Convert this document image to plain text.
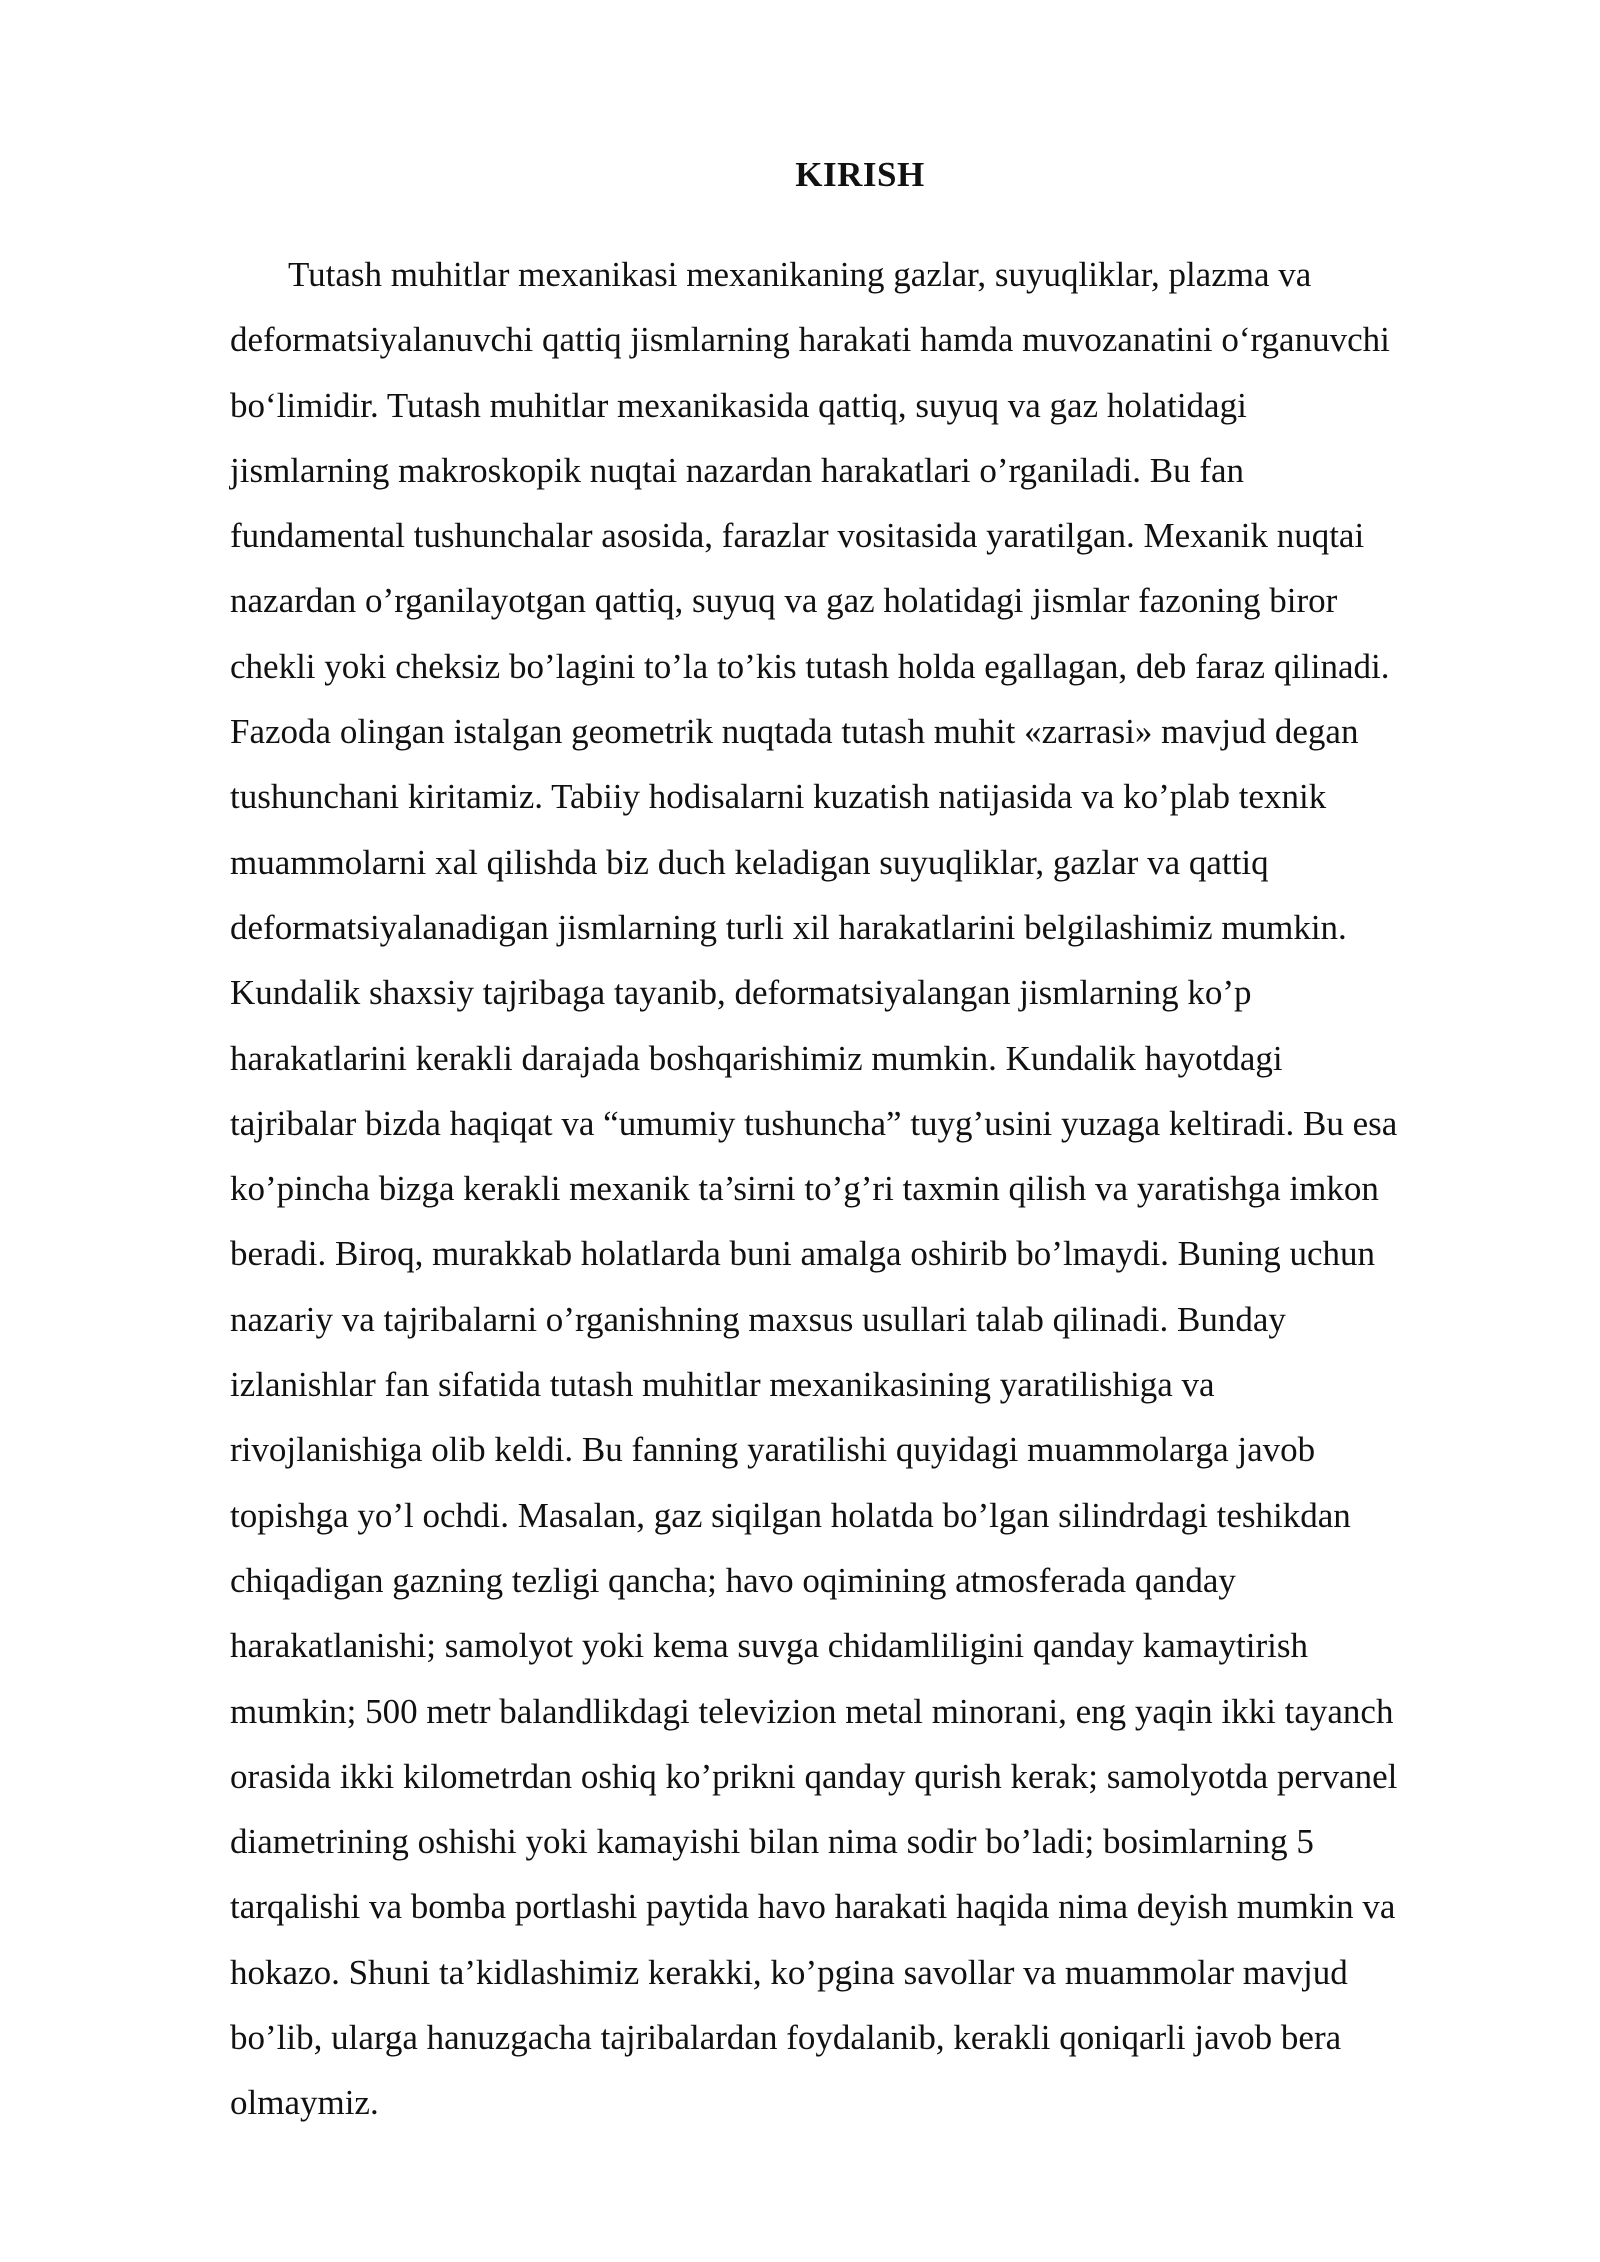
KIRISH
Tutash muhitlar mexanikasi mexanikaning gazlar, suyuqliklar, plazma va
deformatsiyalanuvchi qattiq jismlarning harakati hamda muvozanatini o‘rganuvchi
bo‘limidir. Tutash muhitlar mexanikasida qattiq, suyuq va gaz holatidagi
jismlarning makroskopik nuqtai nazardan harakatlari o’rganiladi. Bu fan
fundamental tushunchalar asosida, farazlar vositasida yaratilgan. Mexanik nuqtai
nazardan o’rganilayotgan qattiq, suyuq va gaz holatidagi jismlar fazoning biror
chekli yoki cheksiz bo’lagini to’la to’kis tutash holda egallagan, deb faraz qilinadi.
Fazoda olingan istalgan geometrik nuqtada tutash muhit «zarrasi» mavjud degan
tushunchani kiritamiz. Tabiiy hodisalarni kuzatish natijasida va ko’plab texnik
muammolarni xal qilishda biz duch keladigan suyuqliklar, gazlar va qattiq
deformatsiyalanadigan jismlarning turli xil harakatlarini belgilashimiz mumkin.
Kundalik shaxsiy tajribaga tayanib, deformatsiyalangan jismlarning ko’p
harakatlarini kerakli darajada boshqarishimiz mumkin. Kundalik hayotdagi
tajribalar bizda haqiqat va “umumiy tushuncha” tuyg’usini yuzaga keltiradi. Bu esa
ko’pincha bizga kerakli mexanik ta’sirni to’g’ri taxmin qilish va yaratishga imkon
beradi. Biroq, murakkab holatlarda buni amalga oshirib bo’lmaydi. Buning uchun
nazariy va tajribalarni o’rganishning maxsus usullari talab qilinadi. Bunday
izlanishlar fan sifatida tutash muhitlar mexanikasining yaratilishiga va
rivojlanishiga olib keldi. Bu fanning yaratilishi quyidagi muammolarga javob
topishga yo’l ochdi. Masalan, gaz siqilgan holatda bo’lgan silindrdagi teshikdan
chiqadigan gazning tezligi qancha; havo oqimining atmosferada qanday
harakatlanishi; samolyot yoki kema suvga chidamliligini qanday kamaytirish
mumkin; 500 metr balandlikdagi televizion metal minorani, eng yaqin ikki tayanch
orasida ikki kilometrdan oshiq ko’prikni qanday qurish kerak; samolyotda pervanel
diametrining oshishi yoki kamayishi bilan nima sodir bo’ladi; bosimlarning 5
tarqalishi va bomba portlashi paytida havo harakati haqida nima deyish mumkin va
hokazo. Shuni ta’kidlashimiz kerakki, ko’pgina savollar va muammolar mavjud
bo’lib, ularga hanuzgacha tajribalardan foydalanib, kerakli qoniqarli javob bera
olmaymiz.
